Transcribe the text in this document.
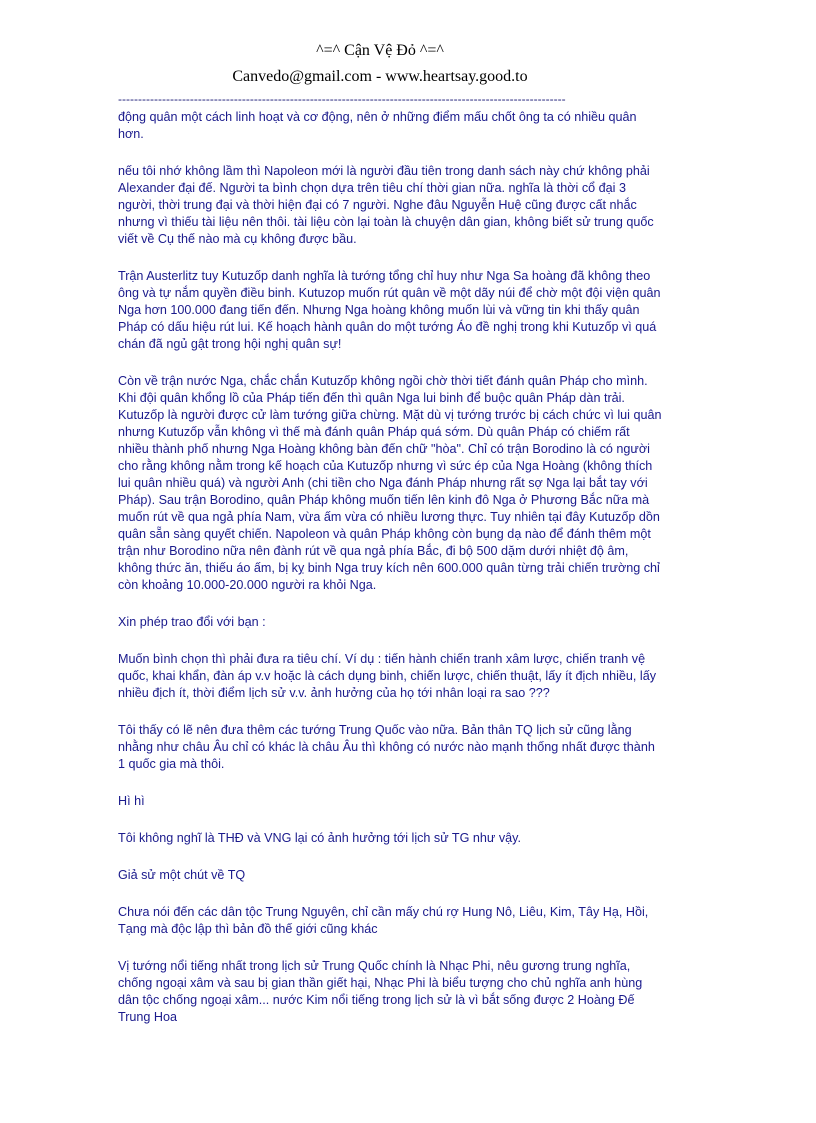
^=^ Cận Vệ Đỏ ^=^
Canvedo@gmail.com - www.heartsay.good.to
----------------------------------------------------------------------------------------------------------------

động quân một cách linh hoạt và cơ động, nên ở những điểm mấu chốt ông ta có nhiều quân
hơn.

nếu tôi nhớ không lầm thì Napoleon mới là người đầu tiên trong danh sách này chứ không phải
Alexander đại đế. Người ta bình chọn dựa trên tiêu chí thời gian nữa. nghĩa là thời cổ đại 3
người, thời trung đại và thời hiện đại có 7 người. Nghe đâu Nguyễn Huệ cũng được cất nhắc
nhưng vì thiếu tài liệu nên thôi. tài liệu còn lại toàn là chuyện dân gian, không biết sử trung quốc
viết về Cụ thế nào mà cụ không được bầu.

Trận Austerlitz tuy Kutuzốp danh nghĩa là tướng tổng chỉ huy như Nga Sa hoàng đã không theo
ông và tự nắm quyền điều binh. Kutuzop muốn rút quân về một dãy núi để chờ một đội viện quân
Nga hơn 100.000 đang tiến đến. Nhưng Nga hoàng không muốn lùi và vững tin khi thấy quân
Pháp có dấu hiệu rút lui. Kế hoạch hành quân do một tướng Áo đề nghị trong khi Kutuzốp vì quá
chán đã ngủ gật trong hội nghị quân sự!

Còn về trận nước Nga, chắc chắn Kutuzốp không ngồi chờ thời tiết đánh quân Pháp cho mình.
Khi đội quân khổng lồ của Pháp tiến đến thì quân Nga lui binh để buộc quân Pháp dàn trải.
Kutuzốp là người được cử làm tướng giữa chừng. Mặt dù vị tướng trước bị cách chức vì lui quân
nhưng Kutuzốp vẫn không vì thế mà đánh quân Pháp quá sớm. Dù quân Pháp có chiếm rất
nhiều thành phố nhưng Nga Hoàng không bàn đến chữ "hòa". Chỉ có trận Borodino là có người
cho rằng không nằm trong kế hoạch của Kutuzốp nhưng vì sức ép của Nga Hoàng (không thích
lui quân nhiều quá) và người Anh (chi tiền cho Nga đánh Pháp nhưng rất sợ Nga lại bắt tay với
Pháp). Sau trận Borodino, quân Pháp không muốn tiến lên kinh đô Nga ở Phương Bắc nữa mà
muốn rút về qua ngả phía Nam, vừa ấm vừa có nhiều lương thực. Tuy nhiên tại đây Kutuzốp dồn
quân sẵn sàng quyết chiến. Napoleon và quân Pháp không còn bụng dạ nào để đánh thêm một
trận như Borodino nữa nên đành rút về qua ngả phía Bắc, đi bộ 500 dặm dưới nhiệt độ âm,
không thức ăn, thiếu áo ấm, bị kỵ binh Nga truy kích nên 600.000 quân từng trải chiến trường chỉ
còn khoảng 10.000-20.000 người ra khỏi Nga.

Xin phép trao đổi với bạn :

Muốn bình chọn thì phải đưa ra tiêu chí. Ví dụ : tiến hành chiến tranh xâm lược, chiến tranh vệ
quốc, khai khẩn, đàn áp v.v hoặc là cách dụng binh, chiến lược, chiến thuật, lấy ít địch nhiều, lấy
nhiều địch ít, thời điểm lịch sử v.v. ảnh hưởng của họ tới nhân loại ra sao ???

Tôi thấy có lẽ nên đưa thêm các tướng Trung Quốc vào nữa. Bản thân TQ lịch sử cũng lằng
nhằng như châu Âu chỉ có khác là châu Âu thì không có nước nào mạnh thống nhất được thành
1 quốc gia mà thôi.

Hì hì

Tôi không nghĩ là THĐ và VNG lại có ảnh hưởng tới lịch sử TG như vậy.

Giả sử một chút về TQ

Chưa nói đến các dân tộc Trung Nguyên, chỉ cần mấy chú rợ Hung Nô, Liêu, Kim, Tây Hạ, Hồi,
Tạng mà độc lập thì bản đồ thế giới cũng khác

Vị tướng nổi tiếng nhất trong lịch sử Trung Quốc chính là Nhạc Phi, nêu gương trung nghĩa,
chống ngoại xâm và sau bị gian thần giết hại, Nhạc Phi là biểu tượng cho chủ nghĩa anh hùng
dân tộc chống ngoại xâm... nước Kim nổi tiếng trong lịch sử là vì bắt sống được 2 Hoàng Đế
Trung Hoa
